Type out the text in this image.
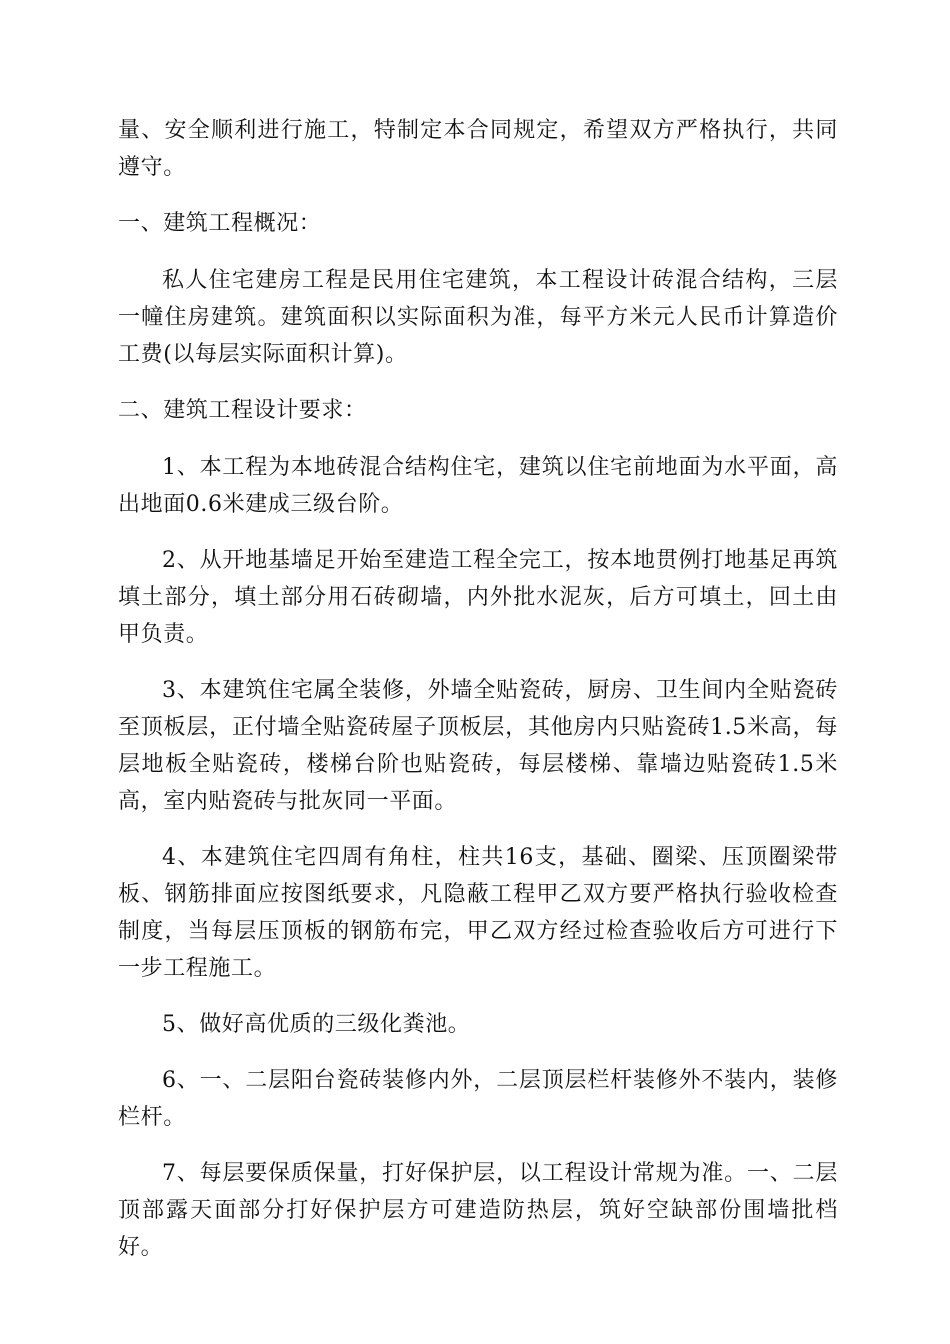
量、安全顺利进行施工，特制定本合同规定，希望双方严格执行，共同遵守。

一、建筑工程概况：

私人住宅建房工程是民用住宅建筑，本工程设计砖混合结构，三层一幢住房建筑。建筑面积以实际面积为准，每平方米元人民币计算造价工费(以每层实际面积计算)。

二、建筑工程设计要求：

1、本工程为本地砖混合结构住宅，建筑以住宅前地面为水平面，高出地面0.6米建成三级台阶。

2、从开地基墙足开始至建造工程全完工，按本地贯例打地基足再筑填土部分，填土部分用石砖砌墙，内外批水泥灰，后方可填土，回土由甲负责。

3、本建筑住宅属全装修，外墙全贴瓷砖，厨房、卫生间内全贴瓷砖至顶板层，正付墙全贴瓷砖屋子顶板层，其他房内只贴瓷砖1.5米高，每层地板全贴瓷砖，楼梯台阶也贴瓷砖，每层楼梯、靠墙边贴瓷砖1.5米高，室内贴瓷砖与批灰同一平面。

4、本建筑住宅四周有角柱，柱共16支，基础、圈梁、压顶圈梁带板、钢筋排面应按图纸要求，凡隐蔽工程甲乙双方要严格执行验收检查制度，当每层压顶板的钢筋布完，甲乙双方经过检查验收后方可进行下一步工程施工。

5、做好高优质的三级化粪池。

6、一、二层阳台瓷砖装修内外，二层顶层栏杆装修外不装内，装修栏杆。

7、每层要保质保量，打好保护层，以工程设计常规为准。一、二层顶部露天面部分打好保护层方可建造防热层，筑好空缺部份围墙批档好。
